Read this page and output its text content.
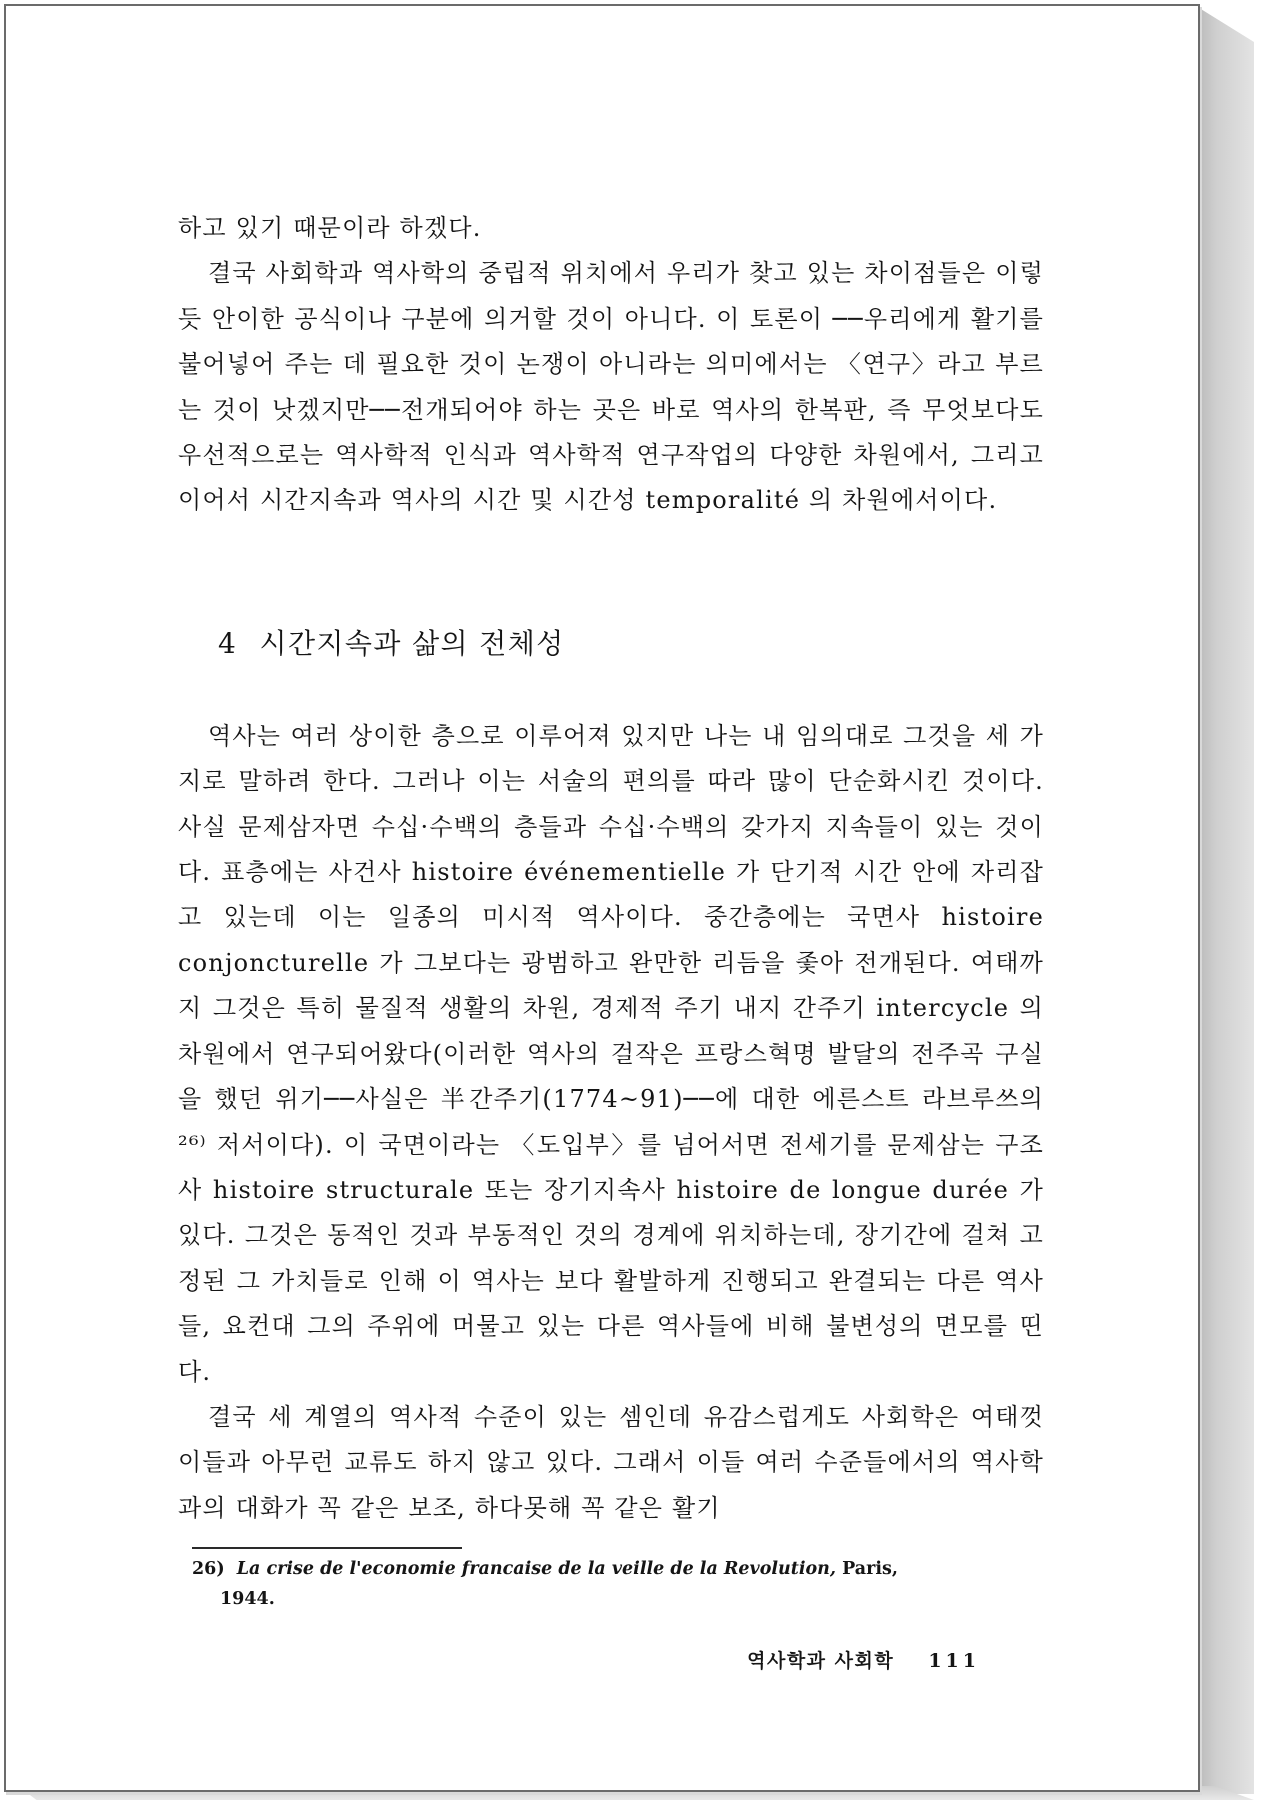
하고 있기 때문이라 하겠다.

결국 사회학과 역사학의 중립적 위치에서 우리가 찾고 있는 차이점들은 이렇듯 안이한 공식이나 구분에 의거할 것이 아니다. 이 토론이 ──우리에게 활기를 불어넣어 주는 데 필요한 것이 논쟁이 아니라는 의미에서는 〈연구〉라고 부르는 것이 낫겠지만──전개되어야 하는 곳은 바로 역사의 한복판, 즉 무엇보다도 우선적으로는 역사학적 인식과 역사학적 연구작업의 다양한 차원에서, 그리고 이어서 시간지속과 역사의 시간 및 시간성 temporalité 의 차원에서이다.

4 시간지속과 삶의 전체성

역사는 여러 상이한 층으로 이루어져 있지만 나는 내 임의대로 그것을 세 가지로 말하려 한다. 그러나 이는 서술의 편의를 따라 많이 단순화시킨 것이다. 사실 문제삼자면 수십·수백의 층들과 수십·수백의 갖가지 지속들이 있는 것이다. 표층에는 사건사 histoire événementielle 가 단기적 시간 안에 자리잡고 있는데 이는 일종의 미시적 역사이다. 중간층에는 국면사 histoire conjoncturelle 가 그보다는 광범하고 완만한 리듬을 좇아 전개된다. 여태까지 그것은 특히 물질적 생활의 차원, 경제적 주기 내지 간주기 intercycle 의 차원에서 연구되어왔다(이러한 역사의 걸작은 프랑스혁명 발달의 전주곡 구실을 했던 위기──사실은 半간주기(1774~91)──에 대한 에른스트 라브루쓰의²⁶⁾ 저서이다). 이 국면이라는 〈도입부〉를 넘어서면 전세기를 문제삼는 구조사 histoire structurale 또는 장기지속사 histoire de longue durée 가 있다. 그것은 동적인 것과 부동적인 것의 경계에 위치하는데, 장기간에 걸쳐 고정된 그 가치들로 인해 이 역사는 보다 활발하게 진행되고 완결되는 다른 역사들, 요컨대 그의 주위에 머물고 있는 다른 역사들에 비해 불변성의 면모를 띤다.

결국 세 계열의 역사적 수준이 있는 셈인데 유감스럽게도 사회학은 여태껏 이들과 아무런 교류도 하지 않고 있다. 그래서 이들 여러 수준들에서의 역사학과의 대화가 꼭 같은 보조, 하다못해 꼭 같은 활기

26) La crise de l'economie francaise de la veille de la Revolution, Paris,
1944.
역사학과 사회학 111
